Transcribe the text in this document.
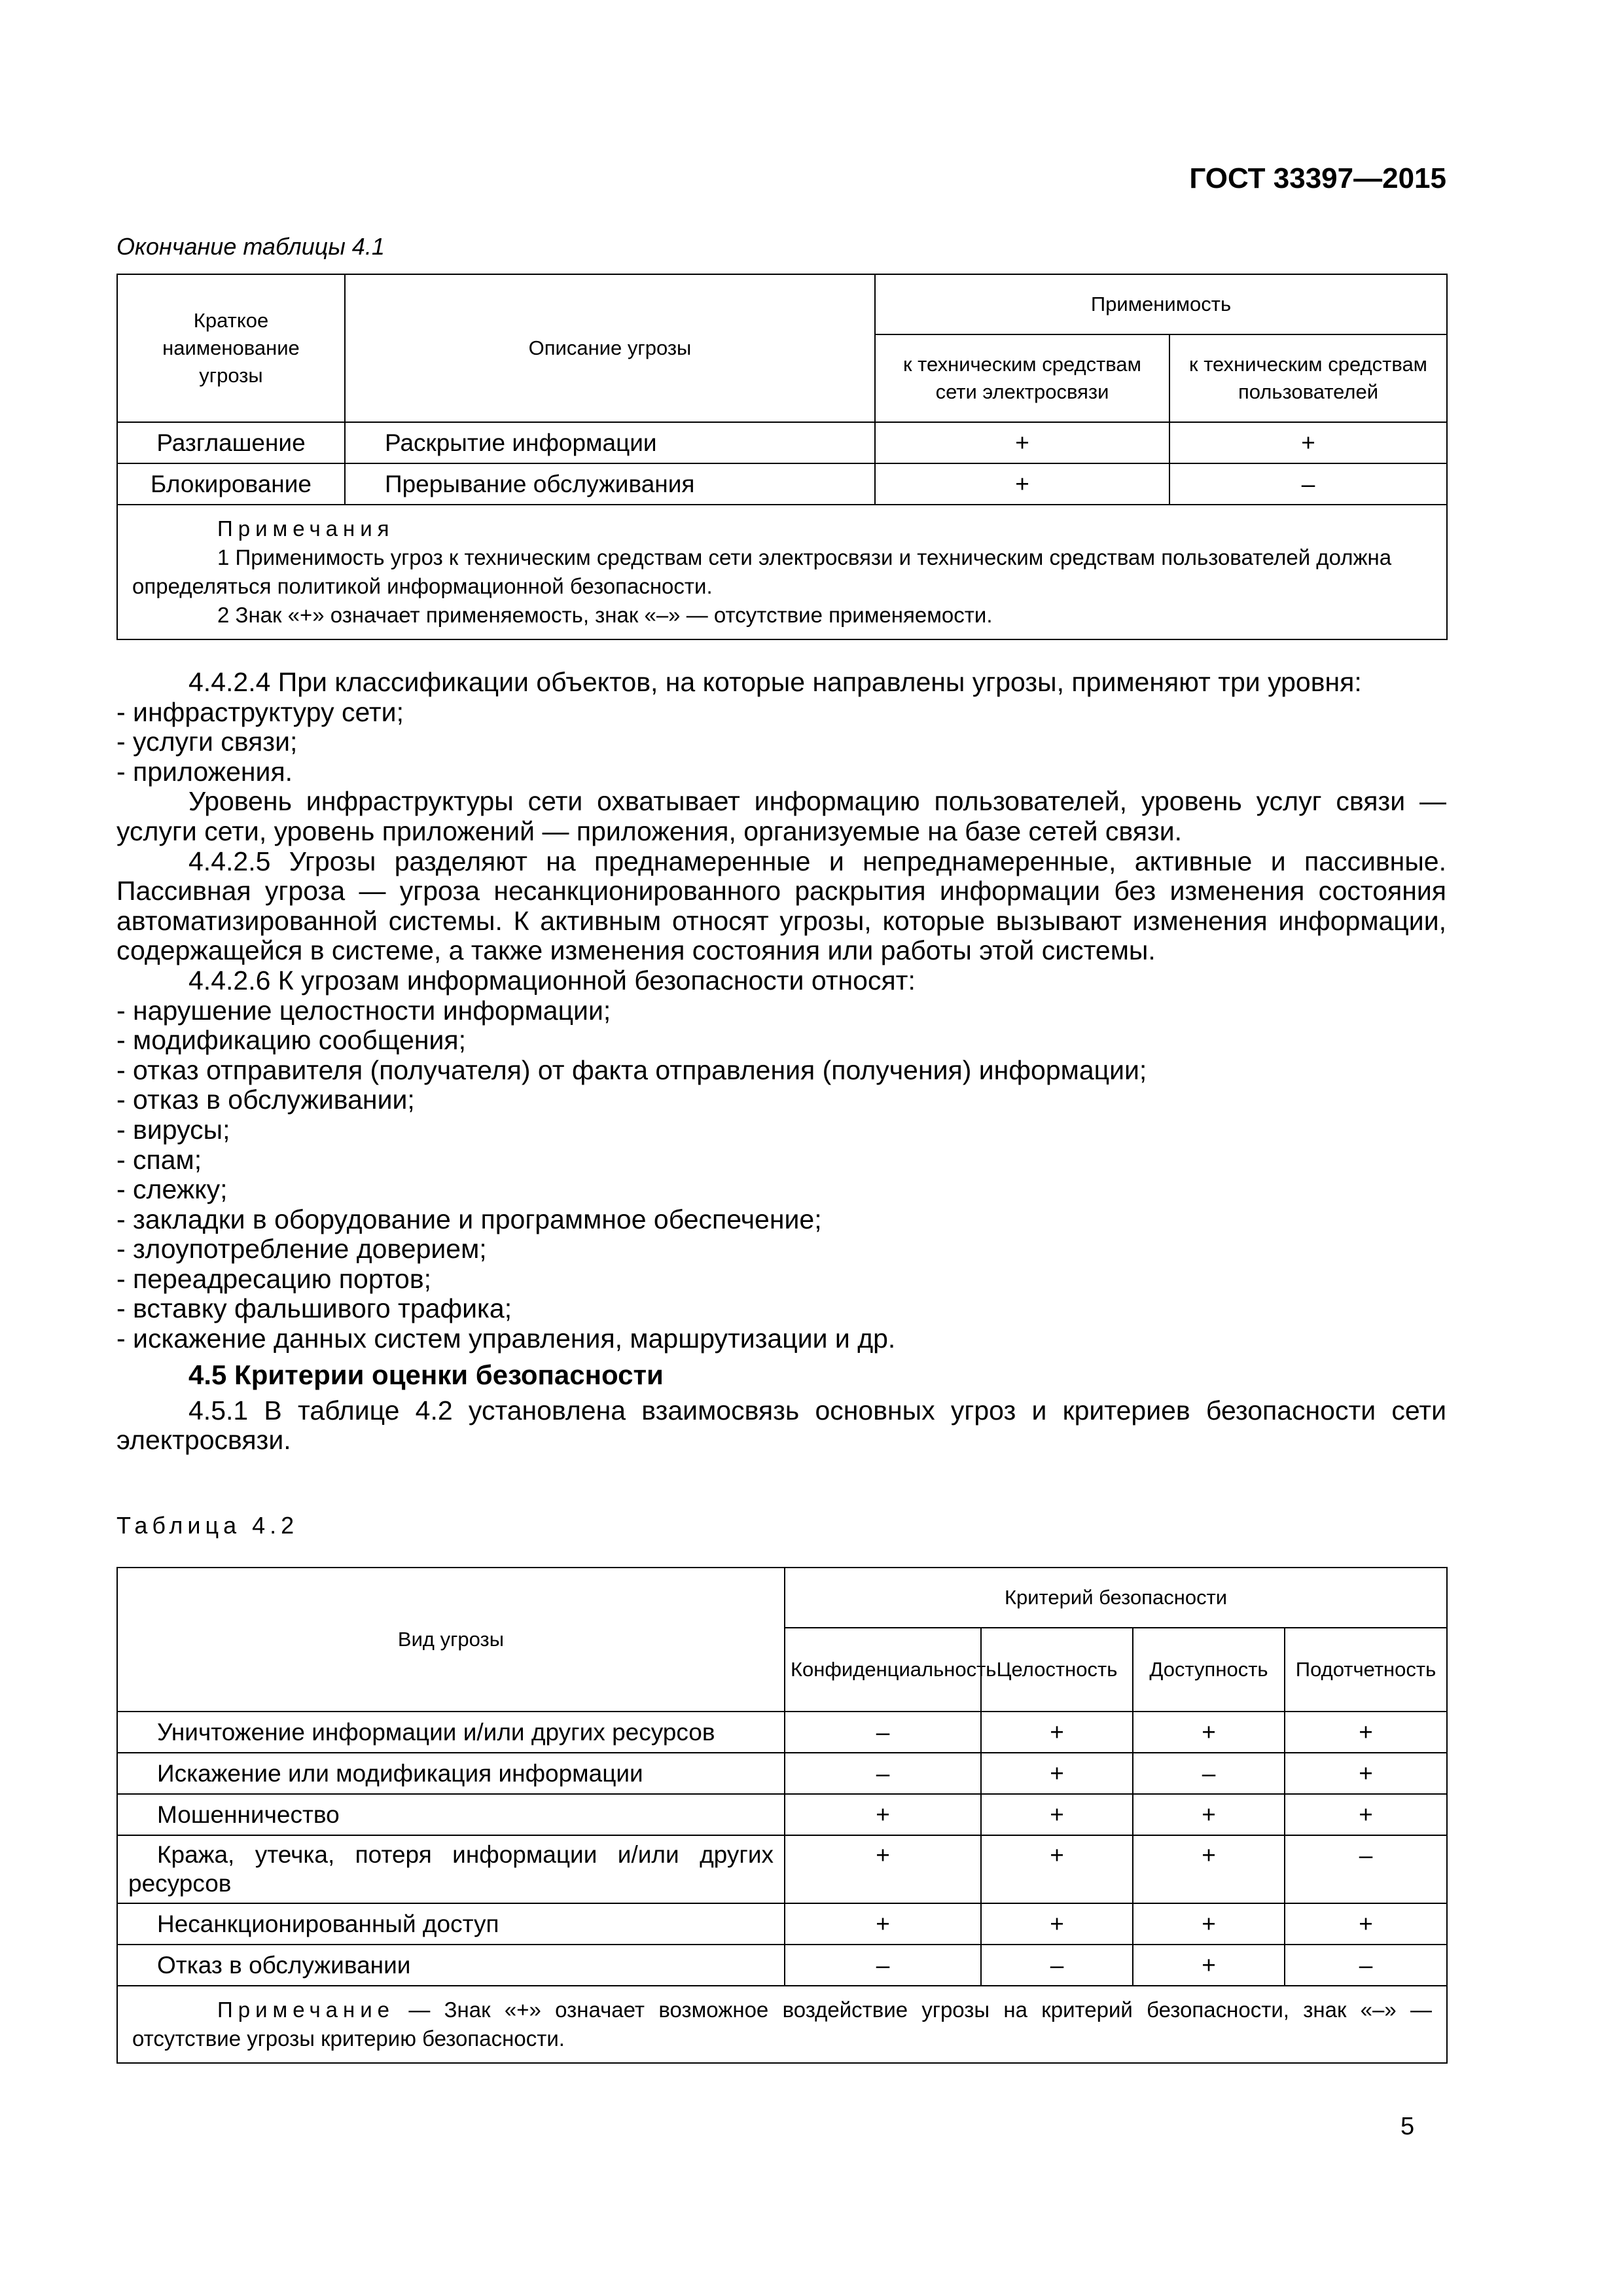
ГОСТ 33397—2015
Окончание таблицы 4.1
Краткое наименование угрозы	Описание угрозы	Применимость	
		к техническим средствам сети электросвязи	к техническим средствам пользователей
Разглашение	Раскрытие информации	+	+
Блокирование	Прерывание обслуживания	+	–

Примечания
1 Применимость угроз к техническим средствам сети электросвязи и техническим средствам пользователей должна определяться политикой информационной безопасности.
2 Знак «+» означает применяемость, знак «–» — отсутствие применяемости.			

4.4.2.4 При классификации объектов, на которые направлены угрозы, применяют три уровня:

- инфраструктуру сети;

- услуги связи;

- приложения.

Уровень инфраструктуры сети охватывает информацию пользователей, уровень услуг связи — услуги сети, уровень приложений — приложения, организуемые на базе сетей связи.

4.4.2.5 Угрозы разделяют на преднамеренные и непреднамеренные, активные и пассивные. Пассивная угроза — угроза несанкционированного раскрытия информации без изменения состояния автоматизированной системы. К активным относят угрозы, которые вызывают изменения информации, содержащейся в системе, а также изменения состояния или работы этой системы.

4.4.2.6 К угрозам информационной безопасности относят:

- нарушение целостности информации;

- модификацию сообщения;

- отказ отправителя (получателя) от факта отправления (получения) информации;

- отказ в обслуживании;

- вирусы;

- спам;

- слежку;

- закладки в оборудование и программное обеспечение;

- злоупотребление доверием;

- переадресацию портов;

- вставку фальшивого трафика;

- искажение данных систем управления, маршрутизации и др.

4.5 Критерии оценки безопасности

4.5.1 В таблице 4.2 установлена взаимосвязь основных угроз и критериев безопасности сети электросвязи.

Таблица 4.2
Вид угрозы	Критерий безопасности			
	Конфиденциальность	Целостность	Доступность	Подотчетность
Уничтожение информации и/или других ресурсов	–	+	+	+
Искажение или модификация информации	–	+	–	+
Мошенничество	+	+	+	+
Кража, утечка, потеря информации и/или других ресурсов	+	+	+	–
Несанкционированный доступ	+	+	+	+
Отказ в обслуживании	–	–	+	–
Примечание — Знак «+» означает возможное воздействие угрозы на критерий безопасности, знак «–» — отсутствие угрозы критерию безопасности.				
5
